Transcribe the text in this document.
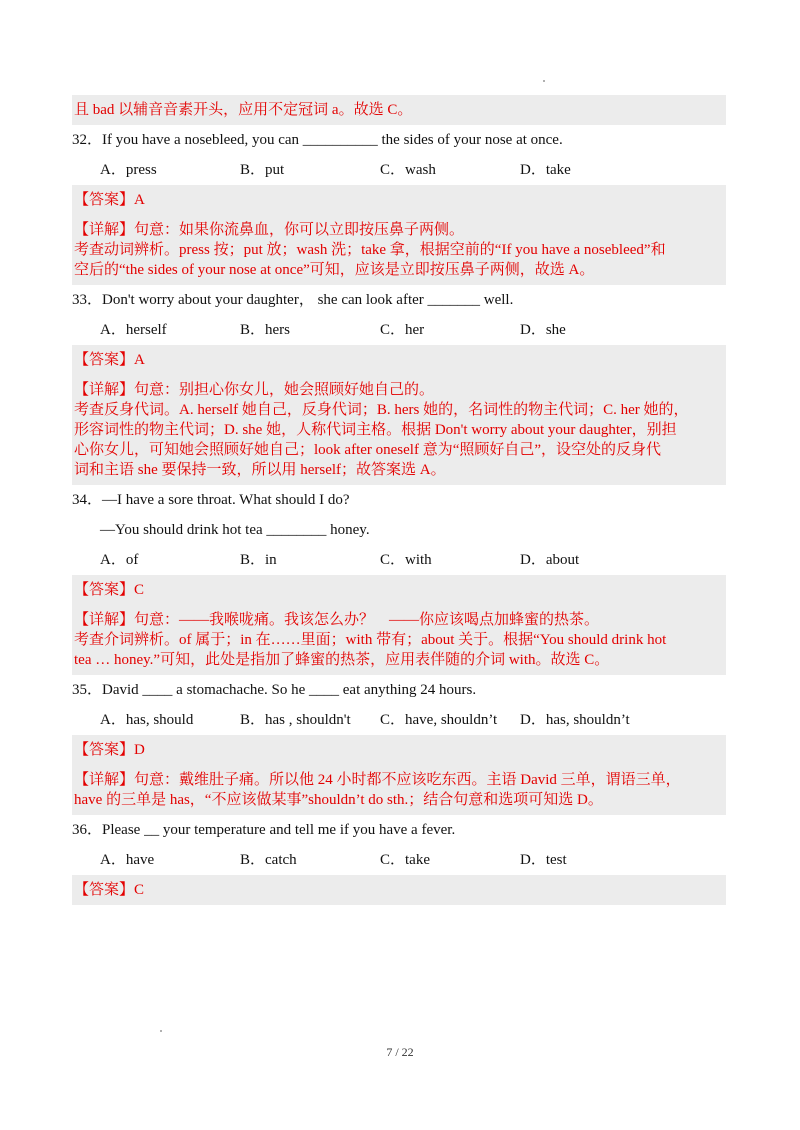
且 bad 以辅音音素开头，应用不定冠词 a。故选 C。
32．If you have a nosebleed, you can __________ the sides of your nose at once.
A．press	B．put	C．wash	D．take
【答案】A
【详解】句意：如果你流鼻血，你可以立即按压鼻子两侧。
考查动词辨析。press 按；put 放；wash 洗；take 拿，根据空前的“If you have a nosebleed”和
空后的“the sides of your nose at once”可知，应该是立即按压鼻子两侧，故选 A。
33．Don't worry about your daughter， she can look after _______ well.
A．herself	B．hers	C．her	D．she
【答案】A
【详解】句意：别担心你女儿，她会照顾好她自己的。
考查反身代词。A. herself 她自己，反身代词；B. hers 她的，名词性的物主代词；C. her 她的，
形容词性的物主代词；D. she 她，人称代词主格。根据 Don't worry about your daughter，别担
心你女儿，可知她会照顾好她自己；look after oneself 意为“照顾好自己”，设空处的反身代
词和主语 she 要保持一致，所以用 herself；故答案选 A。
34．—I have a sore throat. What should I do?
—You should drink hot tea ________ honey.
A．of	B．in	C．with	D．about
【答案】C
【详解】句意：——我喉咙痛。我该怎么办？　——你应该喝点加蜂蜜的热茶。
考查介词辨析。of 属于；in 在……里面；with 带有；about 关于。根据“You should drink hot
tea … honey.”可知，此处是指加了蜂蜜的热茶，应用表伴随的介词 with。故选 C。
35．David ____ a stomachache. So he ____ eat anything 24 hours.
A．has, should	B．has , shouldn't	C．have, shouldn’t	D．has, shouldn’t
【答案】D
【详解】句意：戴维肚子痛。所以他 24 小时都不应该吃东西。主语 David 三单，谓语三单，
have 的三单是 has，“不应该做某事”shouldn’t do sth.；结合句意和选项可知选 D。
36．Please __ your temperature and tell me if you have a fever.
A．have	B．catch	C．take	D．test
【答案】C
7 / 22
